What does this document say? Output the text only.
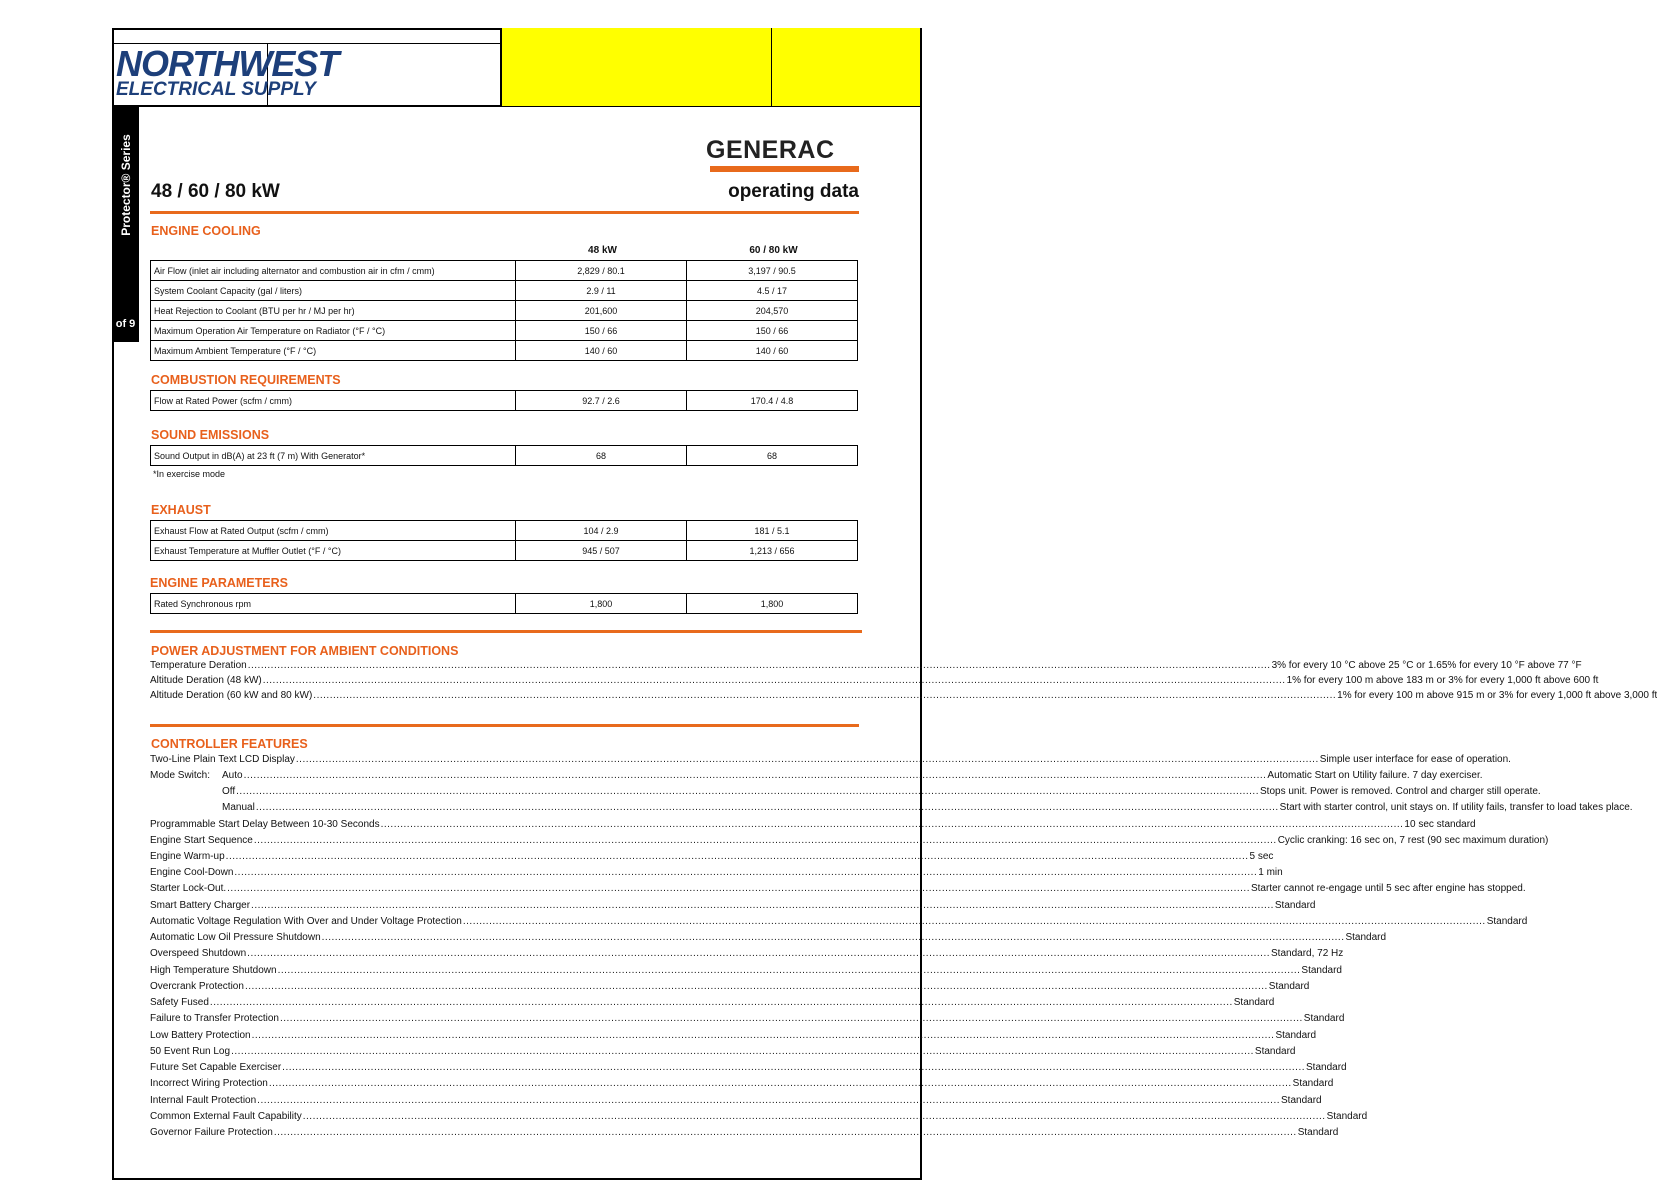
NORTHWEST
ELECTRICAL SUPPLY
Protector® Series
of 9
GENERAC
48 / 60 / 80 kW	operating data
ENGINE COOLING
48 kW	60 / 80 kW
Air Flow (inlet air including alternator and combustion air in cfm / cmm)	2,829 / 80.1	3,197 / 90.5
System Coolant Capacity (gal / liters)	2.9 / 11	4.5 / 17
Heat Rejection to Coolant (BTU per hr / MJ per hr)	201,600	204,570
Maximum Operation Air Temperature on Radiator (°F / °C)	150 / 66	150 / 66
Maximum Ambient Temperature (°F / °C)	140 / 60	140 / 60
COMBUSTION REQUIREMENTS
Flow at Rated Power (scfm / cmm)	92.7 / 2.6	170.4 / 4.8
SOUND EMISSIONS
Sound Output in dB(A) at 23 ft (7 m) With Generator*	68	68
*In exercise mode
EXHAUST
Exhaust Flow at Rated Output (scfm / cmm)	104 / 2.9	181 / 5.1
Exhaust Temperature at Muffler Outlet (°F / °C)	945 / 507	1,213 / 656
ENGINE PARAMETERS
Rated Synchronous rpm	1,800	1,800
POWER ADJUSTMENT FOR AMBIENT CONDITIONS
Temperature Deration .....	3% for every 10 °C above 25 °C or 1.65% for every 10 °F above 77 °F
Altitude Deration (48 kW) .....	1% for every 100 m above 183 m or 3% for every 1,000 ft above 600 ft
Altitude Deration (60 kW and 80 kW) .....	1% for every 100 m above 915 m or 3% for every 1,000 ft above 3,000 ft
CONTROLLER FEATURES
Two-Line Plain Text LCD Display .....	Simple user interface for ease of operation.
Mode Switch:	Auto .....	Automatic Start on Utility failure. 7 day exerciser.
Off .....	Stops unit. Power is removed. Control and charger still operate.
Manual .....	Start with starter control, unit stays on. If utility fails, transfer to load takes place.
Programmable Start Delay Between 10-30 Seconds .....	10 sec standard
Engine Start Sequence .....	Cyclic cranking: 16 sec on, 7 rest (90 sec maximum duration)
Engine Warm-up .....	5 sec
Engine Cool-Down .....	1 min
Starter Lock-Out. .....	Starter cannot re-engage until 5 sec after engine has stopped.
Smart Battery Charger .....	Standard
Automatic Voltage Regulation With Over and Under Voltage Protection .....	Standard
Automatic Low Oil Pressure Shutdown .....	Standard
Overspeed Shutdown .....	Standard, 72 Hz
High Temperature Shutdown .....	Standard
Overcrank Protection .....	Standard
Safety Fused .....	Standard
Failure to Transfer Protection .....	Standard
Low Battery Protection .....	Standard
50 Event Run Log .....	Standard
Future Set Capable Exerciser .....	Standard
Incorrect Wiring Protection .....	Standard
Internal Fault Protection .....	Standard
Common External Fault Capability .....	Standard
Governor Failure Protection .....	Standard
